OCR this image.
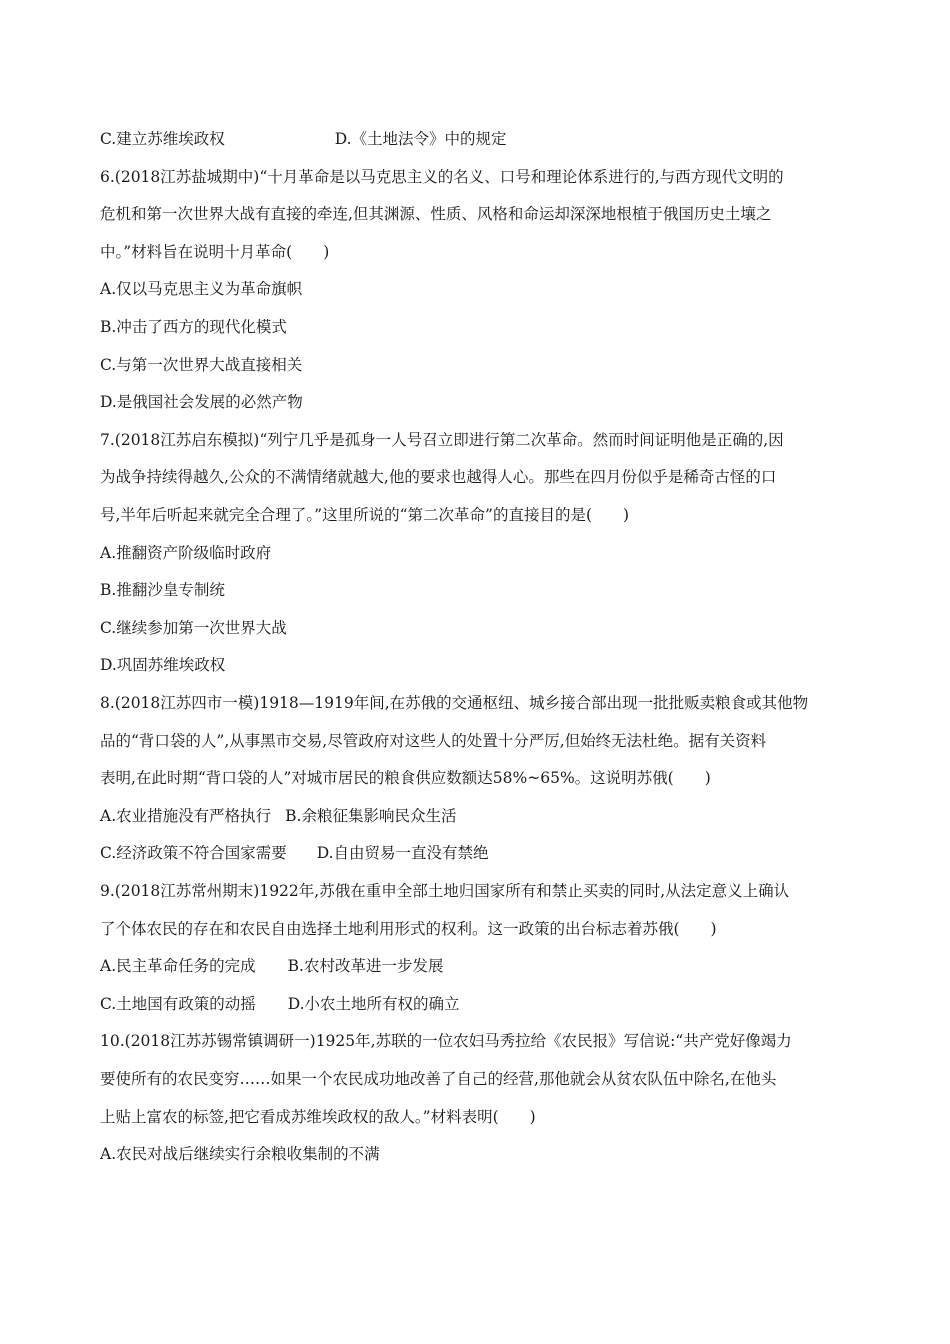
C.建立苏维埃政权	D.《土地法令》中的规定
6.(2018江苏盐城期中)“十月革命是以马克思主义的名义、口号和理论体系进行的,与西方现代文明的
危机和第一次世界大战有直接的牵连,但其渊源、性质、风格和命运却深深地根植于俄国历史土壤之
中。”材料旨在说明十月革命(　　)
A.仅以马克思主义为革命旗帜
B.冲击了西方的现代化模式
C.与第一次世界大战直接相关
D.是俄国社会发展的必然产物
7.(2018江苏启东模拟)“列宁几乎是孤身一人号召立即进行第二次革命。然而时间证明他是正确的,因
为战争持续得越久,公众的不满情绪就越大,他的要求也越得人心。那些在四月份似乎是稀奇古怪的口
号,半年后听起来就完全合理了。”这里所说的“第二次革命”的直接目的是(　　)
A.推翻资产阶级临时政府
B.推翻沙皇专制统
C.继续参加第一次世界大战
D.巩固苏维埃政权
8.(2018江苏四市一模)1918—1919年间,在苏俄的交通枢纽、城乡接合部出现一批批贩卖粮食或其他物
品的“背口袋的人”,从事黑市交易,尽管政府对这些人的处置十分严厉,但始终无法杜绝。据有关资料
表明,在此时期“背口袋的人”对城市居民的粮食供应数额达58%~65%。这说明苏俄(　　)
A.农业措施没有严格执行 B.余粮征集影响民众生活
C.经济政策不符合国家需要 D.自由贸易一直没有禁绝
9.(2018江苏常州期末)1922年,苏俄在重申全部土地归国家所有和禁止买卖的同时,从法定意义上确认
了个体农民的存在和农民自由选择土地利用形式的权利。这一政策的出台标志着苏俄(　　)
A.民主革命任务的完成 B.农村改革进一步发展
C.土地国有政策的动摇 D.小农土地所有权的确立
10.(2018江苏苏锡常镇调研一)1925年,苏联的一位农妇马秀拉给《农民报》写信说:“共产党好像竭力
要使所有的农民变穷……如果一个农民成功地改善了自己的经营,那他就会从贫农队伍中除名,在他头
上贴上富农的标签,把它看成苏维埃政权的敌人。”材料表明(　　)
A.农民对战后继续实行余粮收集制的不满
